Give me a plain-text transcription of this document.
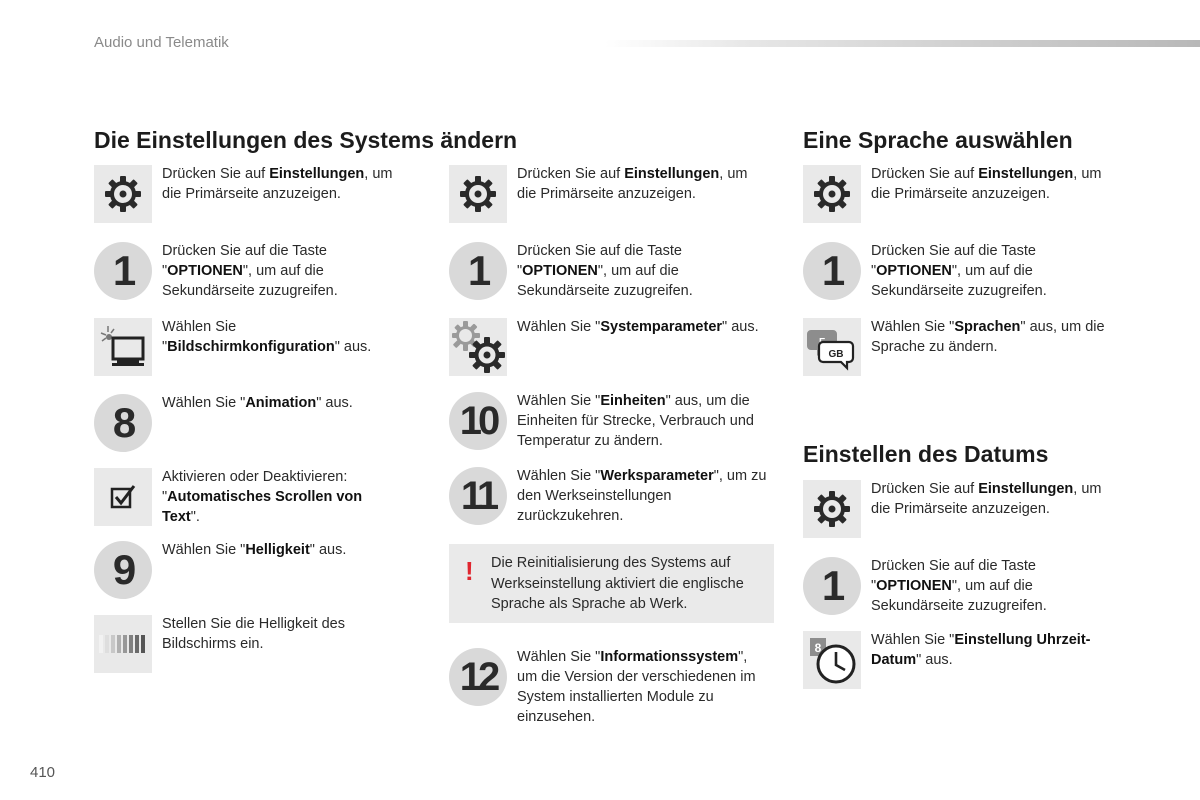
Audio und Telematik
Die Einstellungen des Systems ändern
Drücken Sie auf Einstellungen, um die Primärseite anzuzeigen.
1	Drücken Sie auf die Taste "OPTIONEN", um auf die Sekundärseite zuzugreifen.
Wählen Sie "Bildschirmkonfiguration" aus.
8	Wählen Sie "Animation" aus.
Aktivieren oder Deaktivieren: "Automatisches Scrollen von Text".
9	Wählen Sie "Helligkeit" aus.
Stellen Sie die Helligkeit des Bildschirms ein.
Drücken Sie auf Einstellungen, um die Primärseite anzuzeigen.
1	Drücken Sie auf die Taste "OPTIONEN", um auf die Sekundärseite zuzugreifen.
Wählen Sie "Systemparameter" aus.
10	Wählen Sie "Einheiten" aus, um die Einheiten für Strecke, Verbrauch und Temperatur zu ändern.
11	Wählen Sie "Werksparameter", um zu den Werkseinstellungen zurückzukehren.
! Die Reinitialisierung des Systems auf Werkseinstellung aktiviert die englische Sprache als Sprache ab Werk.
12	Wählen Sie "Informationssystem", um die Version der verschiedenen im System installierten Module zu einzusehen.
Eine Sprache auswählen
Drücken Sie auf Einstellungen, um die Primärseite anzuzeigen.
1	Drücken Sie auf die Taste "OPTIONEN", um auf die Sekundärseite zuzugreifen.
GB
Wählen Sie "Sprachen" aus, um die Sprache zu ändern.
Einstellen des Datums
Drücken Sie auf Einstellungen, um die Primärseite anzuzeigen.
1	Drücken Sie auf die Taste "OPTIONEN", um auf die Sekundärseite zuzugreifen.
8	Wählen Sie "Einstellung Uhrzeit-Datum" aus.
410
